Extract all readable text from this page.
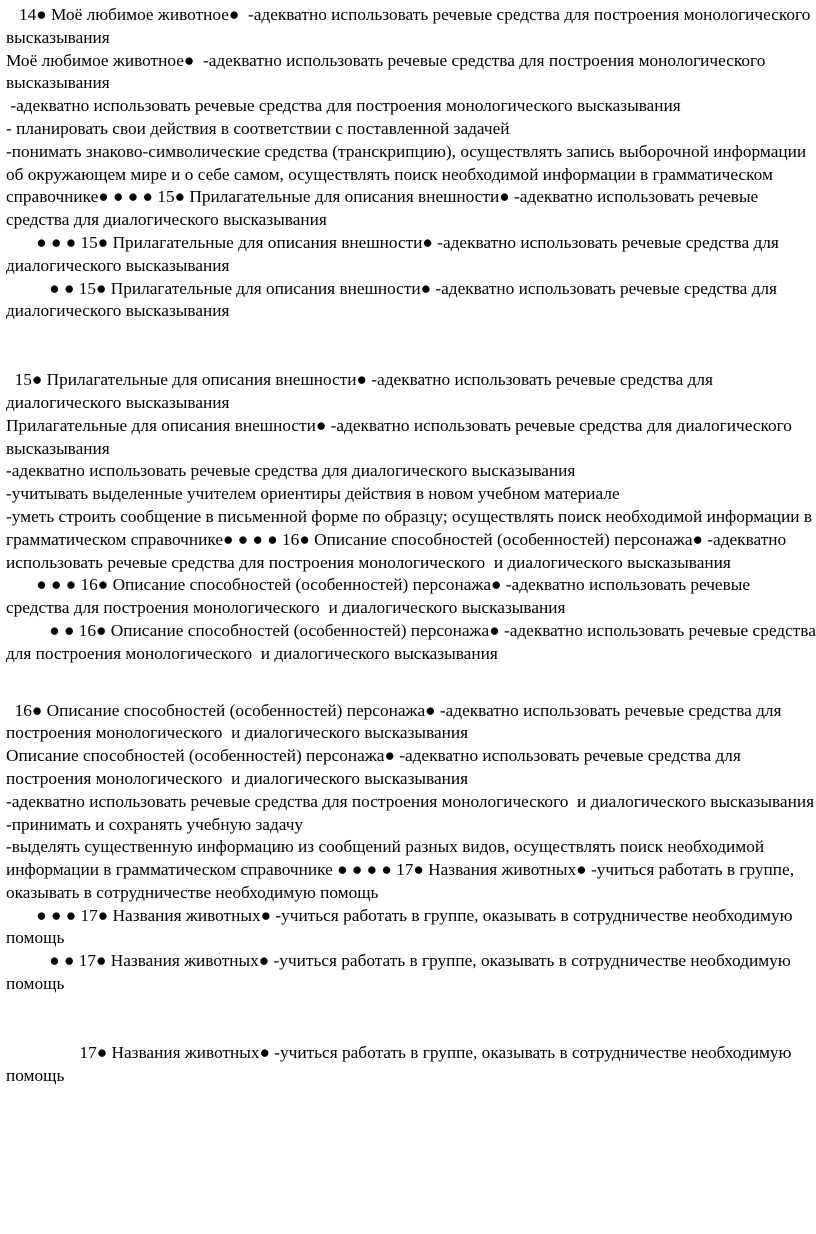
14● Моё любимое животное●  -адекватно использовать речевые средства для построения монологического высказывания

Моё любимое животное●  -адекватно использовать речевые средства для построения монологического высказывания

-адекватно использовать речевые средства для построения монологического высказывания

- планировать свои действия в соответствии с поставленной задачей

-понимать знаково-символические средства (транскрипцию), осуществлять запись выборочной информации об окружающем мире и о себе самом, осуществлять поиск необходимой информации в грамматическом справочнике● ● ● ● 15● Прилагательные для описания внешности● -адекватно использовать речевые средства для диалогического высказывания

● ● ● 15● Прилагательные для описания внешности● -адекватно использовать речевые средства для диалогического высказывания

● ● 15● Прилагательные для описания внешности● -адекватно использовать речевые средства для диалогического высказывания

15● Прилагательные для описания внешности● -адекватно использовать речевые средства для диалогического высказывания

Прилагательные для описания внешности● -адекватно использовать речевые средства для диалогического высказывания

-адекватно использовать речевые средства для диалогического высказывания

-учитывать выделенные учителем ориентиры действия в новом учебном материале

-уметь строить сообщение в письменной форме по образцу; осуществлять поиск необходимой информации в грамматическом справочнике● ● ● ● 16● Описание способностей (особенностей) персонажа● -адекватно использовать речевые средства для построения монологического  и диалогического высказывания

● ● ● 16● Описание способностей (особенностей) персонажа● -адекватно использовать речевые средства для построения монологического  и диалогического высказывания

● ● 16● Описание способностей (особенностей) персонажа● -адекватно использовать речевые средства для построения монологического  и диалогического высказывания

16● Описание способностей (особенностей) персонажа● -адекватно использовать речевые средства для построения монологического  и диалогического высказывания

Описание способностей (особенностей) персонажа● -адекватно использовать речевые средства для построения монологического  и диалогического высказывания

-адекватно использовать речевые средства для построения монологического  и диалогического высказывания

-принимать и сохранять учебную задачу

-выделять существенную информацию из сообщений разных видов, осуществлять поиск необходимой информации в грамматическом справочнике ● ● ● ● 17● Названия животных● -учиться работать в группе, оказывать в сотрудничестве необходимую помощь

● ● ● 17● Названия животных● -учиться работать в группе, оказывать в сотрудничестве необходимую помощь

● ● 17● Названия животных● -учиться работать в группе, оказывать в сотрудничестве необходимую помощь

17● Названия животных● -учиться работать в группе, оказывать в сотрудничестве необходимую помощь
